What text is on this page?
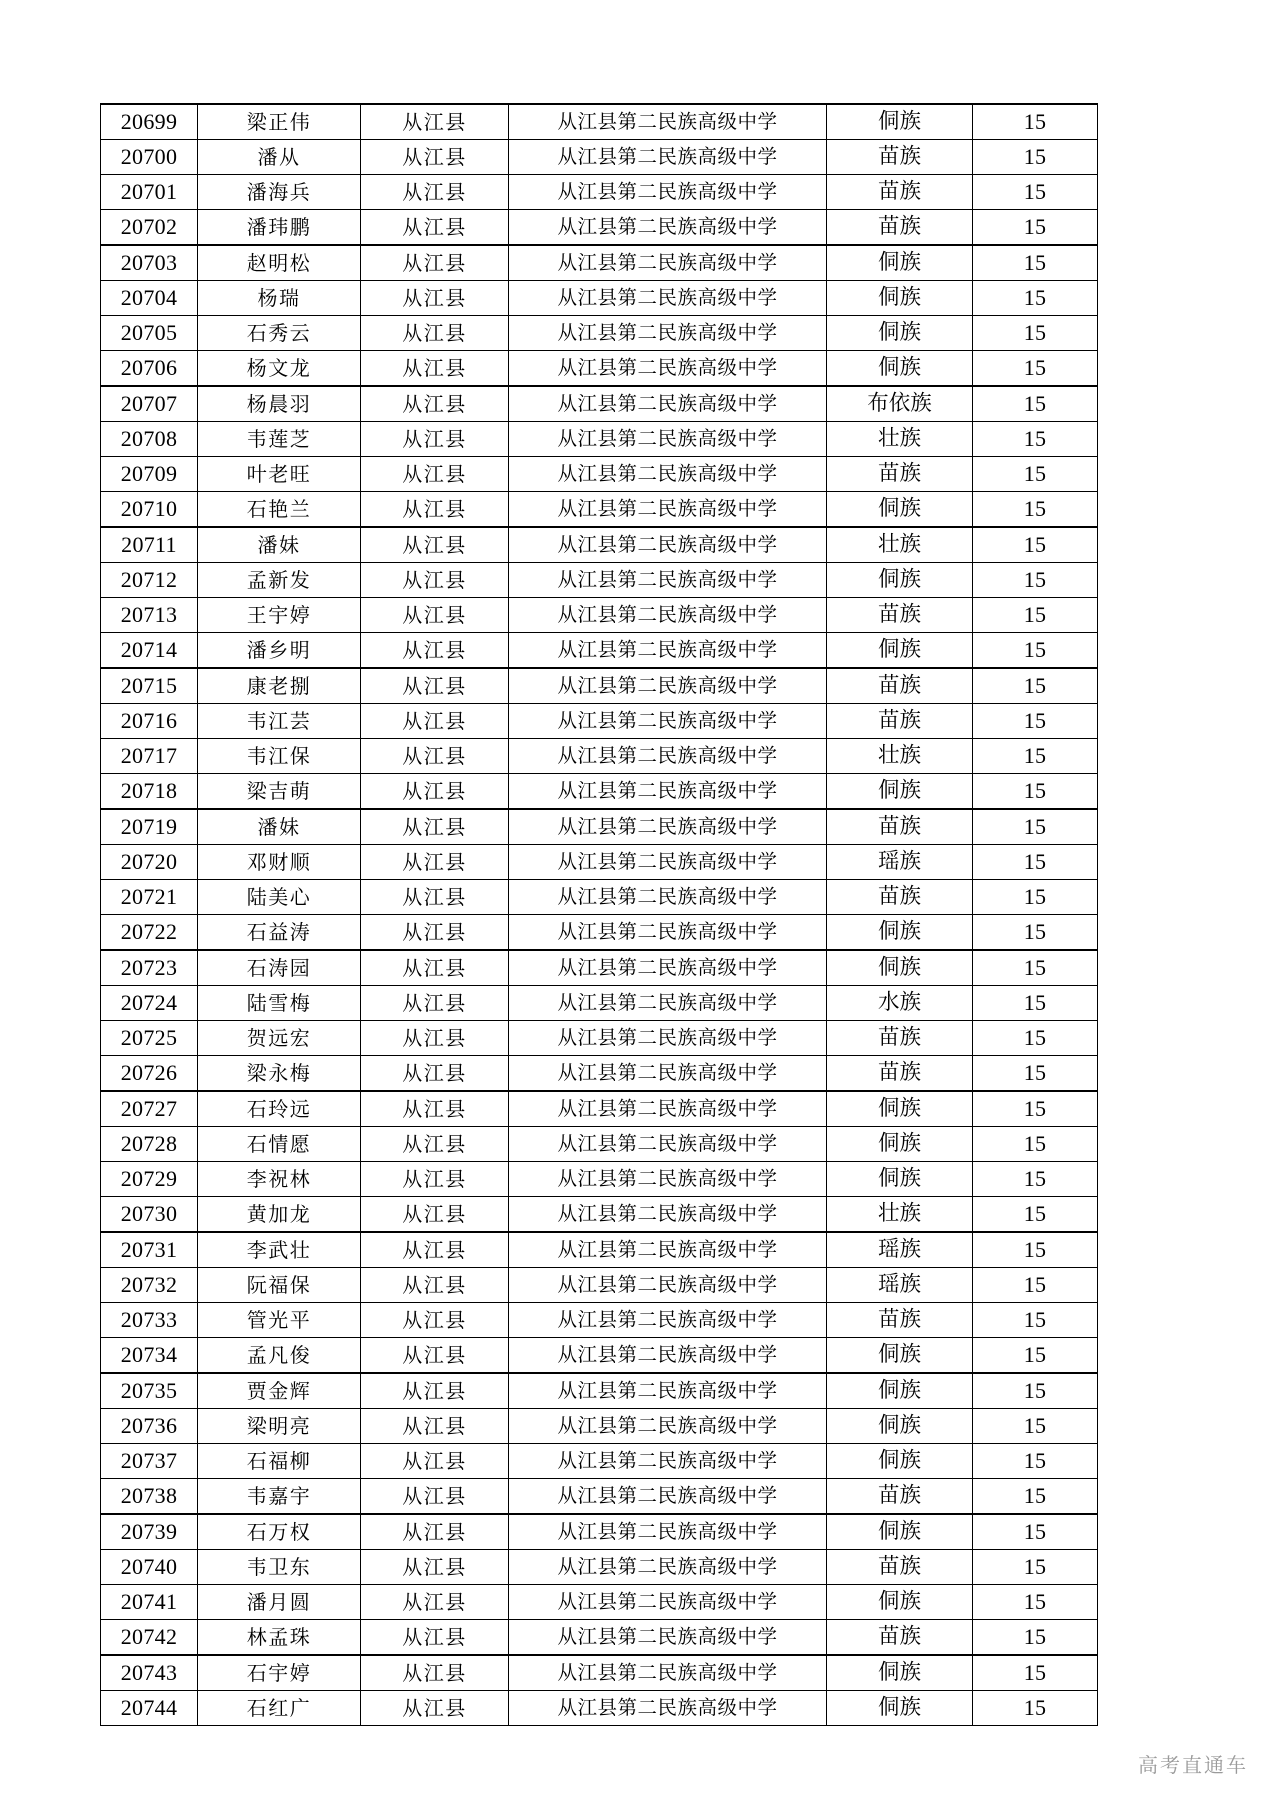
20699	梁正伟	从江县	从江县第二民族高级中学	侗族	15
20700	潘从	从江县	从江县第二民族高级中学	苗族	15
20701	潘海兵	从江县	从江县第二民族高级中学	苗族	15
20702	潘玮鹏	从江县	从江县第二民族高级中学	苗族	15
20703	赵明松	从江县	从江县第二民族高级中学	侗族	15
20704	杨瑞	从江县	从江县第二民族高级中学	侗族	15
20705	石秀云	从江县	从江县第二民族高级中学	侗族	15
20706	杨文龙	从江县	从江县第二民族高级中学	侗族	15
20707	杨晨羽	从江县	从江县第二民族高级中学	布依族	15
20708	韦莲芝	从江县	从江县第二民族高级中学	壮族	15
20709	叶老旺	从江县	从江县第二民族高级中学	苗族	15
20710	石艳兰	从江县	从江县第二民族高级中学	侗族	15
20711	潘妹	从江县	从江县第二民族高级中学	壮族	15
20712	孟新发	从江县	从江县第二民族高级中学	侗族	15
20713	王宇婷	从江县	从江县第二民族高级中学	苗族	15
20714	潘乡明	从江县	从江县第二民族高级中学	侗族	15
20715	康老捌	从江县	从江县第二民族高级中学	苗族	15
20716	韦江芸	从江县	从江县第二民族高级中学	苗族	15
20717	韦江保	从江县	从江县第二民族高级中学	壮族	15
20718	梁吉萌	从江县	从江县第二民族高级中学	侗族	15
20719	潘妹	从江县	从江县第二民族高级中学	苗族	15
20720	邓财顺	从江县	从江县第二民族高级中学	瑶族	15
20721	陆美心	从江县	从江县第二民族高级中学	苗族	15
20722	石益涛	从江县	从江县第二民族高级中学	侗族	15
20723	石涛园	从江县	从江县第二民族高级中学	侗族	15
20724	陆雪梅	从江县	从江县第二民族高级中学	水族	15
20725	贺远宏	从江县	从江县第二民族高级中学	苗族	15
20726	梁永梅	从江县	从江县第二民族高级中学	苗族	15
20727	石玲远	从江县	从江县第二民族高级中学	侗族	15
20728	石情愿	从江县	从江县第二民族高级中学	侗族	15
20729	李祝林	从江县	从江县第二民族高级中学	侗族	15
20730	黄加龙	从江县	从江县第二民族高级中学	壮族	15
20731	李武壮	从江县	从江县第二民族高级中学	瑶族	15
20732	阮福保	从江县	从江县第二民族高级中学	瑶族	15
20733	管光平	从江县	从江县第二民族高级中学	苗族	15
20734	孟凡俊	从江县	从江县第二民族高级中学	侗族	15
20735	贾金辉	从江县	从江县第二民族高级中学	侗族	15
20736	梁明亮	从江县	从江县第二民族高级中学	侗族	15
20737	石福柳	从江县	从江县第二民族高级中学	侗族	15
20738	韦嘉宇	从江县	从江县第二民族高级中学	苗族	15
20739	石万权	从江县	从江县第二民族高级中学	侗族	15
20740	韦卫东	从江县	从江县第二民族高级中学	苗族	15
20741	潘月圆	从江县	从江县第二民族高级中学	侗族	15
20742	林孟珠	从江县	从江县第二民族高级中学	苗族	15
20743	石宇婷	从江县	从江县第二民族高级中学	侗族	15
20744	石红广	从江县	从江县第二民族高级中学	侗族	15
高考直通车
